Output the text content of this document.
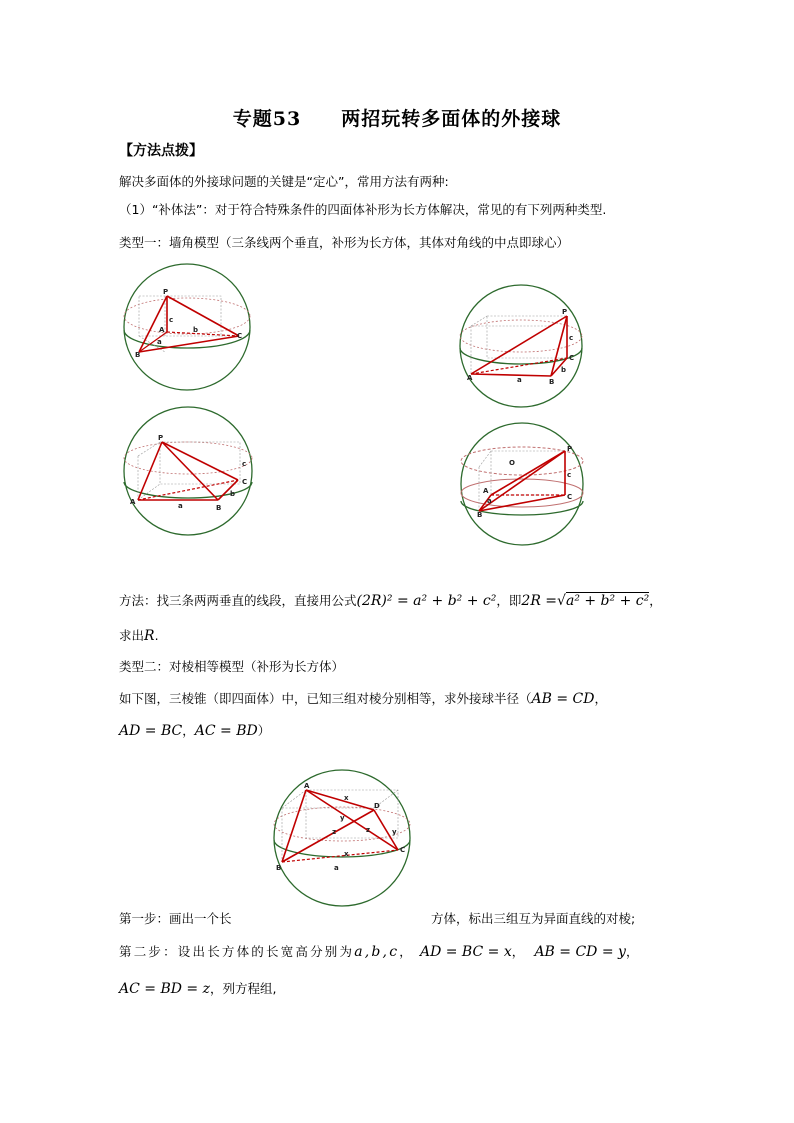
专题53　　两招玩转多面体的外接球
【方法点拨】
解决多面体的外接球问题的关键是“定心”，常用方法有两种:
（1）“补体法”：对于符合特殊条件的四面体补形为长方体解决，常见的有下列两种类型.
类型一：墙角模型（三条线两个垂直，补形为长方体，其体对角线的中点即球心）
P
c
A	b
C
a
B
P
c
C
A	a	B
b
P
c
C
A
b
a	B
P
O
c
C
A
a
B
方法：找三条两两垂直的线段，直接用公式(2R)² = a² + b² + c²，即2R =√a² + b² + c²，
求出R.
类型二：对棱相等模型（补形为长方体）
如下图，三棱锥（即四面体）中，已知三组对棱分别相等，求外接球半径（AB = CD，
AD = BC，AC = BD）
A
x
D
y
z	z
C
y
B
x
a
第一步：画出一个长	方体，标出三组互为异面直线的对棱;
第二步：设出长方体的长宽高分别为a,b,c， AD = BC = x， AB = CD = y，
AC = BD = z，列方程组,
